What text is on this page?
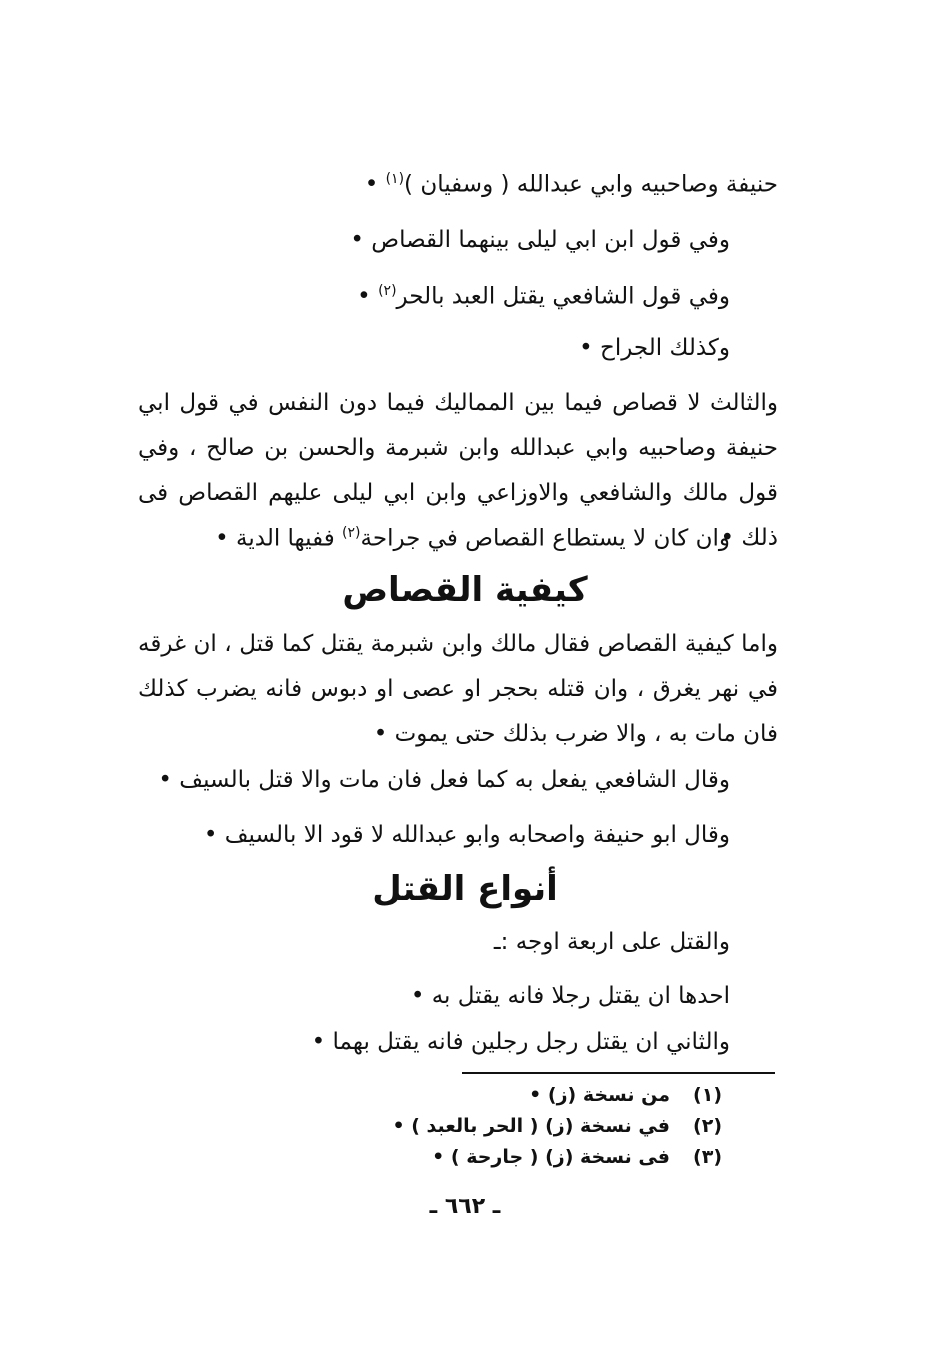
حنيفة وصاحبيه وابي عبدالله ( وسفيان )$^{(١)}$ •
وفي قول ابن ابي ليلى بينهما القصاص •
وفي قول الشافعي يقتل العبد بالحر$^{(٢)}$ •
وكذلك الجراح •
والثالث لا قصاص فيما بين المماليك فيما دون النفس في قول ابي حنيفة وصاحبيه وابي عبدالله وابن شبرمة والحسن بن صالح ، وفي قول مالك والشافعي والاوزاعي وابن ابي ليلى عليهم القصاص فى ذلك •
وان كان لا يستطاع القصاص في جراحة$^{(٢)}$ ففيها الدية •
كيفية القصاص
واما كيفية القصاص فقال مالك وابن شبرمة يقتل كما قتل ، ان غرقه في نهر يغرق ، وان قتله بحجر او عصى او دبوس فانه يضرب كذلك فان مات به ، والا ضرب بذلك حتى يموت •
وقال الشافعي يفعل به كما فعل فان مات والا قتل بالسيف •
وقال ابو حنيفة واصحابه وابو عبدالله لا قود الا بالسيف •
أنواع القتل
والقتل على اربعة اوجه :ـ
احدها ان يقتل رجلا فانه يقتل به •
والثاني ان يقتل رجل رجلين فانه يقتل بهما •
(١)من نسخة (ز) •
(٢)في نسخة (ز) ( الحر بالعبد ) •
(٣)فى نسخة (ز) ( جارحة ) •
ـ ٦٦٢ ـ
